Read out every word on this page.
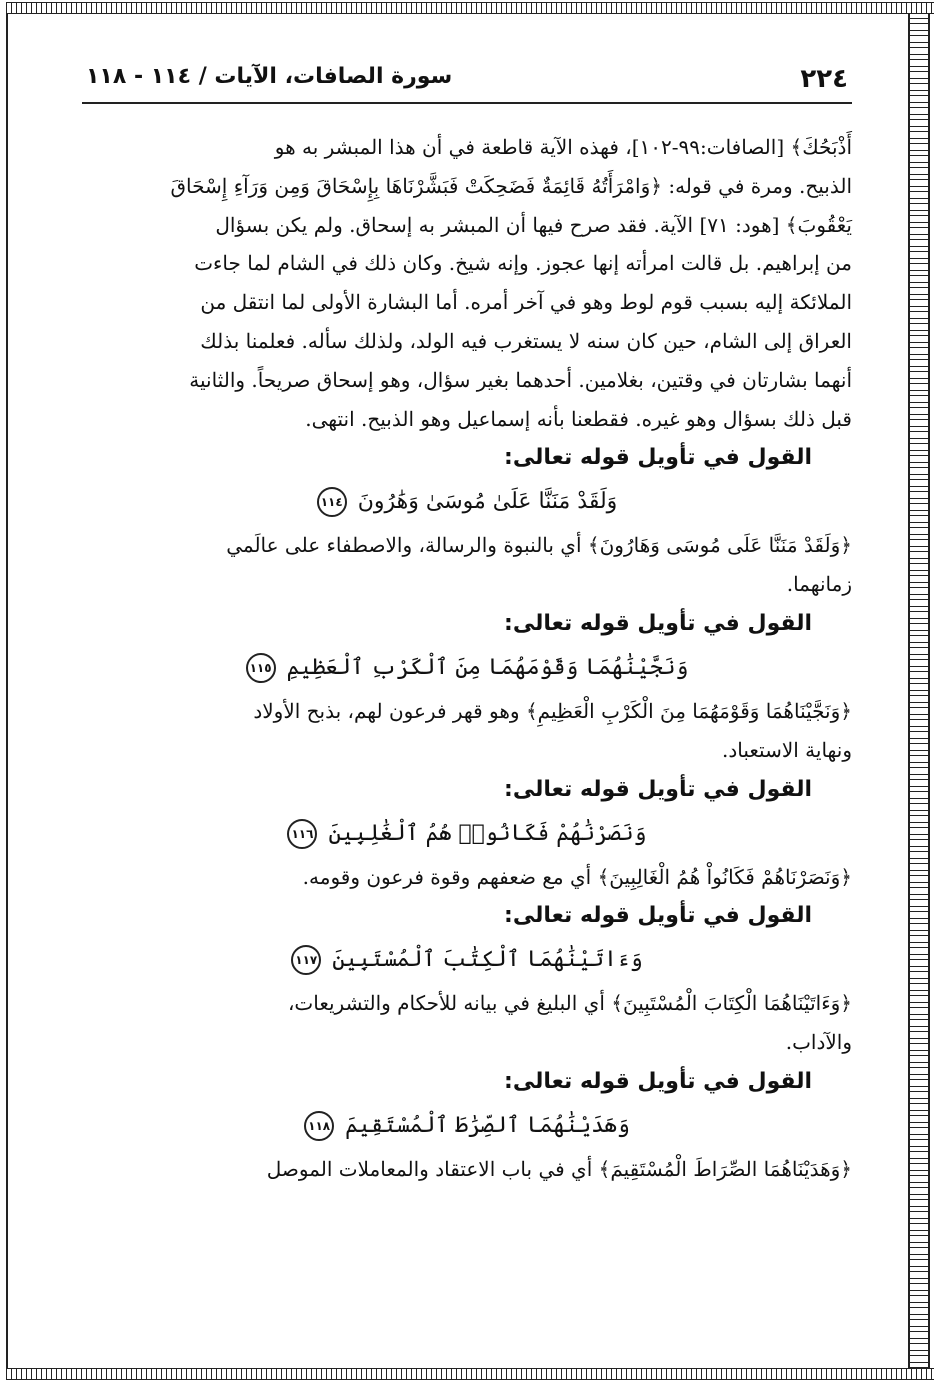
٢٢٤
سورة الصافات، الآيات / ١١٤ - ١١٨

أَذْبَحُكَ﴾ [الصافات:٩٩-١٠٢]، فهذه الآية قاطعة في أن هذا المبشر به هو

الذبيح. ومرة في قوله: ﴿وَامْرَأَتُهُ قَائِمَةٌ فَضَحِكَتْ فَبَشَّرْنَاهَا بِإِسْحَاقَ وَمِن وَرَآءِ إِسْحَاقَ

يَعْقُوبَ﴾ [هود: ٧١] الآية. فقد صرح فيها أن المبشر به إسحاق. ولم يكن بسؤال

من إبراهيم. بل قالت امرأته إنها عجوز. وإنه شيخ. وكان ذلك في الشام لما جاءت

الملائكة إليه بسبب قوم لوط وهو في آخر أمره. أما البشارة الأولى لما انتقل من

العراق إلى الشام، حين كان سنه لا يستغرب فيه الولد، ولذلك سأله. فعلمنا بذلك

أنهما بشارتان في وقتين، بغلامين. أحدهما بغير سؤال، وهو إسحاق صريحاً. والثانية

قبل ذلك بسؤال وهو غيره. فقطعنا بأنه إسماعيل وهو الذبيح. انتهى.

القول في تأويل قوله تعالى:

وَلَقَدْ مَنَنَّا عَلَىٰ مُوسَىٰ وَهَٰرُونَ ١١٤

﴿وَلَقَدْ مَنَنَّا عَلَى مُوسَى وَهَارُونَ﴾ أي بالنبوة والرسالة، والاصطفاء على عالَمي

زمانهما.

القول في تأويل قوله تعالى:

وَنَجَّيْنَٰهُمَا وَقَوْمَهُمَا مِنَ ٱلْكَرْبِ ٱلْعَظِيمِ ١١٥

﴿وَنَجَّيْنَاهُمَا وَقَوْمَهُمَا مِنَ الْكَرْبِ الْعَظِيمِ﴾ وهو قهر فرعون لهم، بذبح الأولاد

ونهاية الاستعباد.

القول في تأويل قوله تعالى:

وَنَصَرْنَٰهُمْ فَكَانُوا۟ هُمُ ٱلْغَٰلِبِينَ ١١٦

﴿وَنَصَرْنَاهُمْ فَكَانُواْ هُمُ الْغَالِبِينَ﴾ أي مع ضعفهم وقوة فرعون وقومه.

القول في تأويل قوله تعالى:

وَءَاتَيْنَٰهُمَا ٱلْكِتَٰبَ ٱلْمُسْتَبِينَ ١١٧

﴿وَءَاتَيْنَاهُمَا الْكِتَابَ الْمُسْتَبِينَ﴾ أي البليغ في بيانه للأحكام والتشريعات،

والآداب.

القول في تأويل قوله تعالى:

وَهَدَيْنَٰهُمَا ٱلصِّرَٰطَ ٱلْمُسْتَقِيمَ ١١٨

﴿وَهَدَيْنَاهُمَا الصِّرَاطَ الْمُسْتَقِيمَ﴾ أي في باب الاعتقاد والمعاملات الموصل
